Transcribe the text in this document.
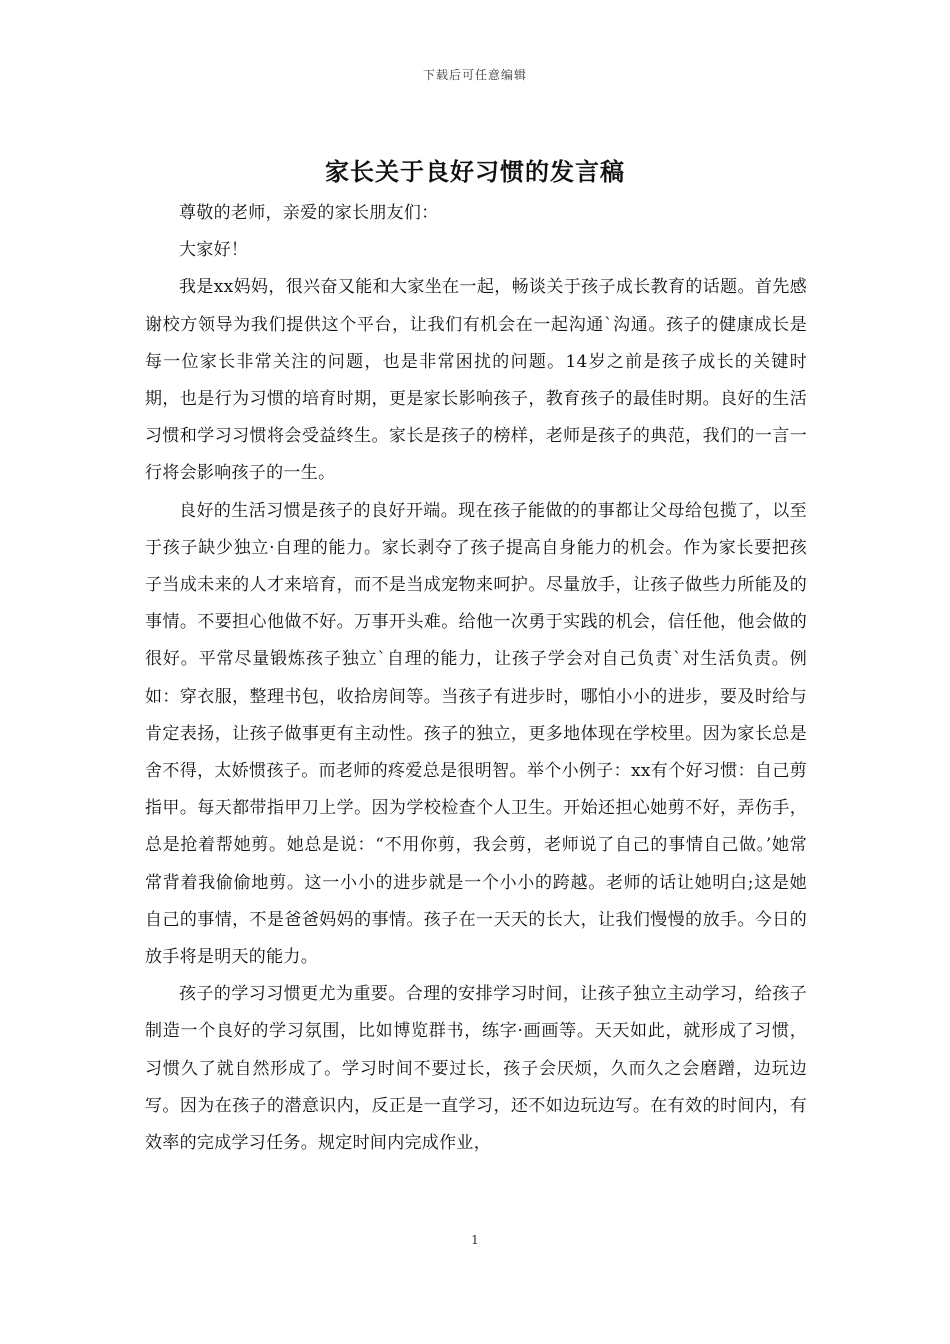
下载后可任意编辑
家长关于良好习惯的发言稿

尊敬的老师，亲爱的家长朋友们：

大家好！

我是xx妈妈，很兴奋又能和大家坐在一起，畅谈关于孩子成长教育的话题。首先感谢校方领导为我们提供这个平台，让我们有机会在一起沟通`沟通。孩子的健康成长是每一位家长非常关注的问题，也是非常困扰的问题。14岁之前是孩子成长的关键时期，也是行为习惯的培育时期，更是家长影响孩子，教育孩子的最佳时期。良好的生活习惯和学习习惯将会受益终生。家长是孩子的榜样，老师是孩子的典范，我们的一言一行将会影响孩子的一生。

良好的生活习惯是孩子的良好开端。现在孩子能做的的事都让父母给包揽了，以至于孩子缺少独立·自理的能力。家长剥夺了孩子提高自身能力的机会。作为家长要把孩子当成未来的人才来培育，而不是当成宠物来呵护。尽量放手，让孩子做些力所能及的事情。不要担心他做不好。万事开头难。给他一次勇于实践的机会，信任他，他会做的很好。平常尽量锻炼孩子独立`自理的能力，让孩子学会对自己负责`对生活负责。例如：穿衣服，整理书包，收拾房间等。当孩子有进步时，哪怕小小的进步，要及时给与肯定表扬，让孩子做事更有主动性。孩子的独立，更多地体现在学校里。因为家长总是舍不得，太娇惯孩子。而老师的疼爱总是很明智。举个小例子：xx有个好习惯：自己剪指甲。每天都带指甲刀上学。因为学校检查个人卫生。开始还担心她剪不好，弄伤手，总是抢着帮她剪。她总是说：“不用你剪，我会剪，老师说了自己的事情自己做。’她常常背着我偷偷地剪。这一小小的进步就是一个小小的跨越。老师的话让她明白;这是她自己的事情，不是爸爸妈妈的事情。孩子在一天天的长大，让我们慢慢的放手。今日的放手将是明天的能力。

孩子的学习习惯更尤为重要。合理的安排学习时间，让孩子独立主动学习，给孩子制造一个良好的学习氛围，比如博览群书，练字·画画等。天天如此，就形成了习惯，习惯久了就自然形成了。学习时间不要过长，孩子会厌烦，久而久之会磨蹭，边玩边写。因为在孩子的潜意识内，反正是一直学习，还不如边玩边写。在有效的时间内，有效率的完成学习任务。规定时间内完成作业，

1
